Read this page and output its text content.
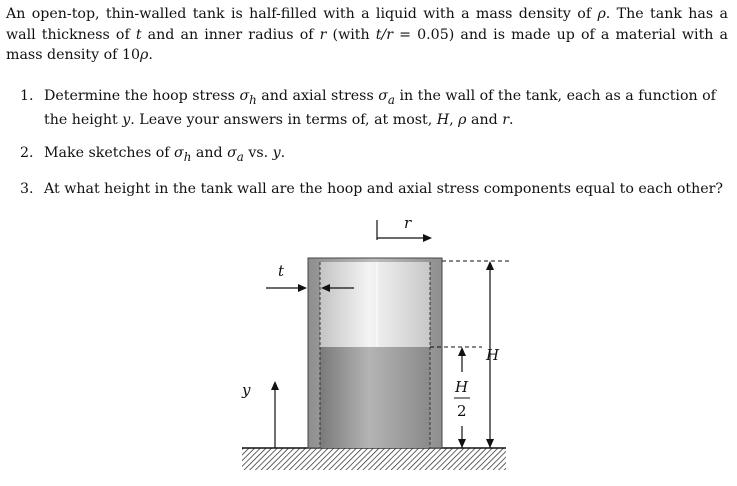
An open-top, thin-walled tank is half-filled with a liquid with a mass density of ρ. The tank has a wall thickness of t and an inner radius of r (with t/r = 0.05) and is made up of a material with a mass density of 10ρ.
1. Determine the hoop stress $\sigma_h$ and axial stress $\sigma_a$ in the wall of the tank, each as a function of the height y. Leave your answers in terms of, at most, H, ρ and r.
2. Make sketches of $\sigma_h$ and $\sigma_a$ vs. y.
3. At what height in the tank wall are the hoop and axial stress components equal to each other?
r
t
y
H
H
2
